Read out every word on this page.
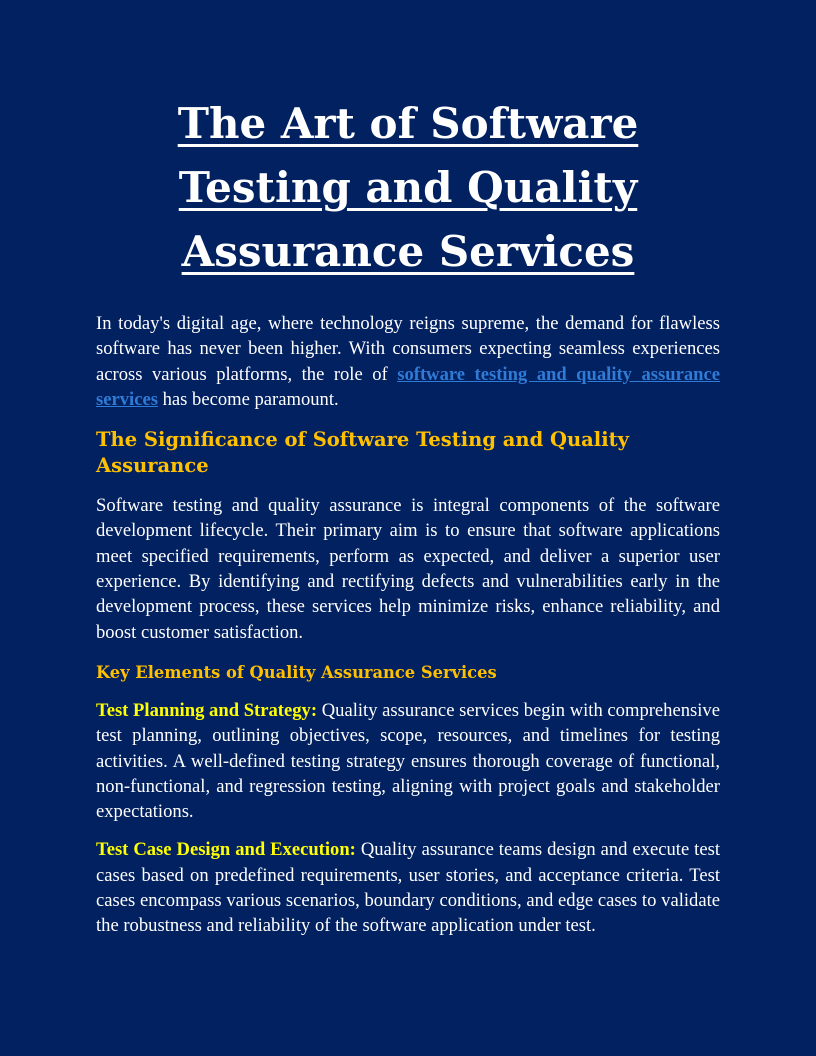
The Art of Software Testing and Quality Assurance Services

In today's digital age, where technology reigns supreme, the demand for flawless software has never been higher. With consumers expecting seamless experiences across various platforms, the role of software testing and quality assurance services has become paramount.

The Significance of Software Testing and Quality Assurance

Software testing and quality assurance is integral components of the software development lifecycle. Their primary aim is to ensure that software applications meet specified requirements, perform as expected, and deliver a superior user experience. By identifying and rectifying defects and vulnerabilities early in the development process, these services help minimize risks, enhance reliability, and boost customer satisfaction.

Key Elements of Quality Assurance Services

Test Planning and Strategy: Quality assurance services begin with comprehensive test planning, outlining objectives, scope, resources, and timelines for testing activities. A well-defined testing strategy ensures thorough coverage of functional, non-functional, and regression testing, aligning with project goals and stakeholder expectations.

Test Case Design and Execution: Quality assurance teams design and execute test cases based on predefined requirements, user stories, and acceptance criteria. Test cases encompass various scenarios, boundary conditions, and edge cases to validate the robustness and reliability of the software application under test.
